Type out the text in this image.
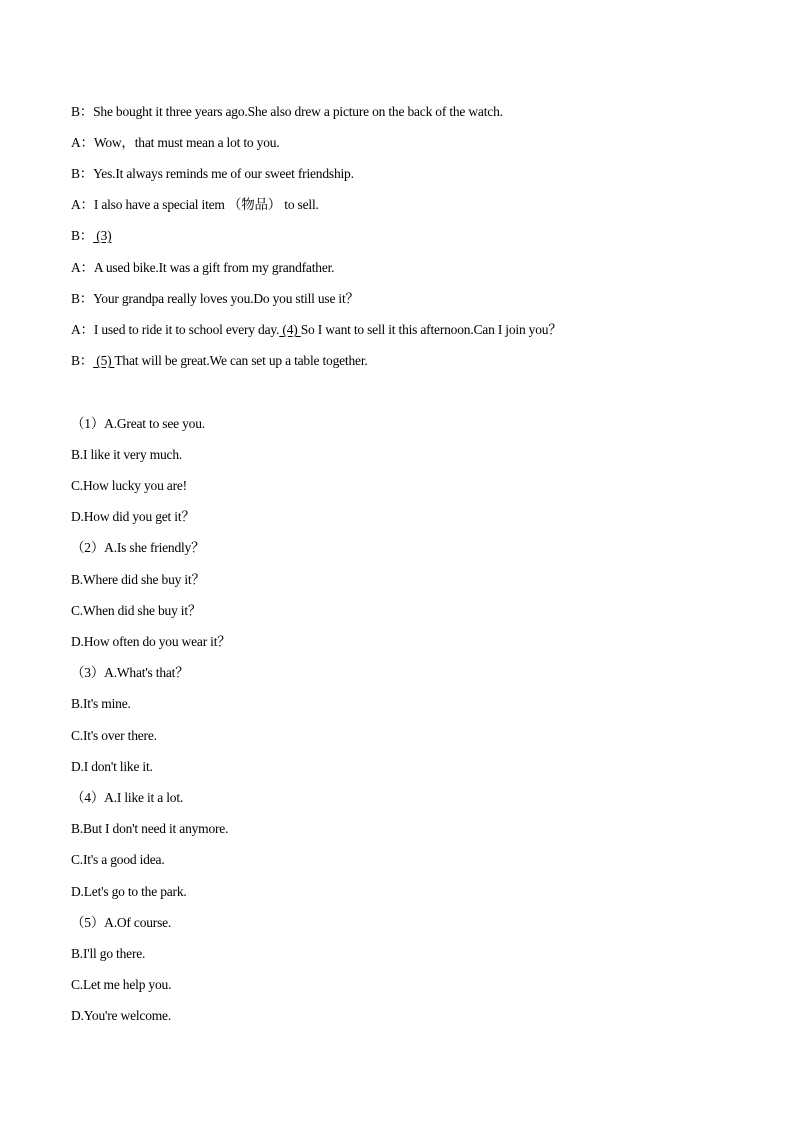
B：She bought it three years ago.She also drew a picture on the back of the watch.
A：Wow，that must mean a lot to you.
B：Yes.It always reminds me of our sweet friendship.
A：I also have a special item （物品） to sell.
B： (3)
A：A used bike.It was a gift from my grandfather.
B：Your grandpa really loves you.Do you still use it？
A：I used to ride it to school every day. (4) So I want to sell it this afternoon.Can I join you？
B： (5) That will be great.We can set up a table together.
（1）A.Great to see you.
B.I like it very much.
C.How lucky you are!
D.How did you get it？
（2）A.Is she friendly？
B.Where did she buy it？
C.When did she buy it？
D.How often do you wear it？
（3）A.What's that？
B.It's mine.
C.It's over there.
D.I don't like it.
（4）A.I like it a lot.
B.But I don't need it anymore.
C.It's a good idea.
D.Let's go to the park.
（5）A.Of course.
B.I'll go there.
C.Let me help you.
D.You're welcome.
